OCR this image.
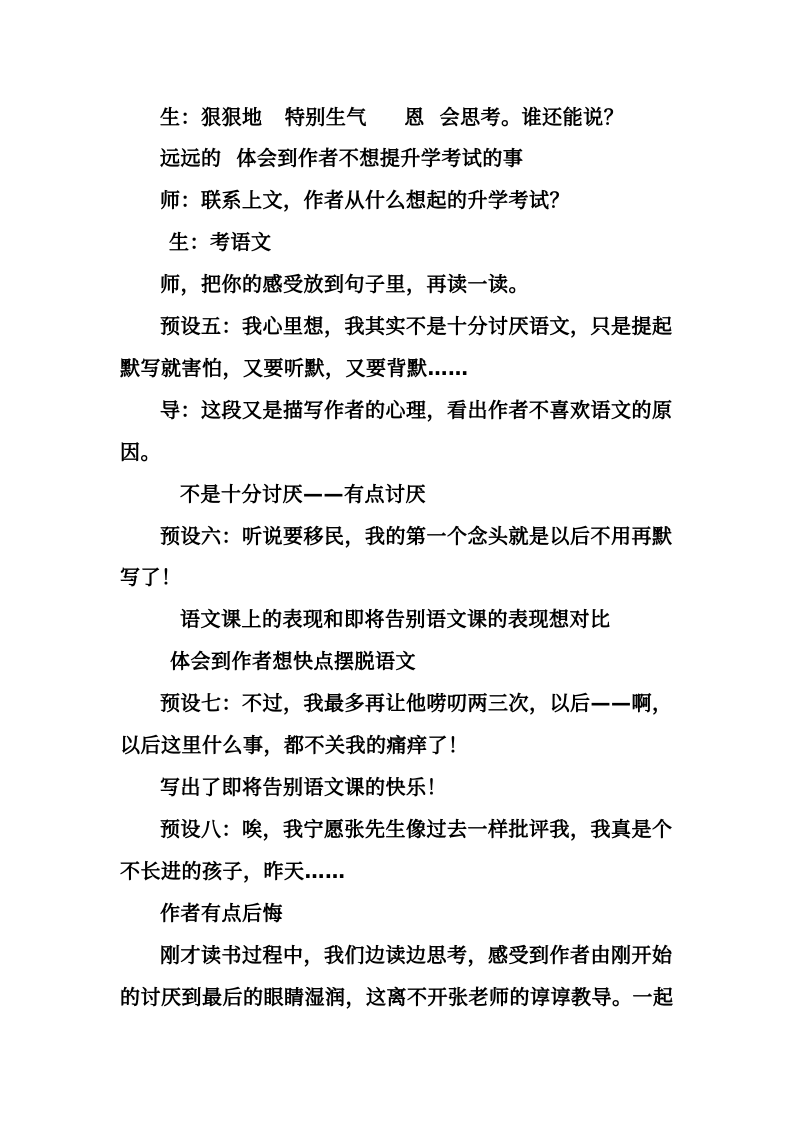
生：狠狠地   特别生气     恩  会思考。谁还能说？
远远的  体会到作者不想提升学考试的事
师：联系上文，作者从什么想起的升学考试？
生：考语文
师，把你的感受放到句子里，再读一读。
预设五：我心里想，我其实不是十分讨厌语文，只是提起
默写就害怕，又要听默，又要背默……
导：这段又是描写作者的心理，看出作者不喜欢语文的原
因。
不是十分讨厌——有点讨厌
预设六：听说要移民，我的第一个念头就是以后不用再默
写了！
语文课上的表现和即将告别语文课的表现想对比
体会到作者想快点摆脱语文
预设七：不过，我最多再让他唠叨两三次，以后——啊，
以后这里什么事，都不关我的痛痒了！
写出了即将告别语文课的快乐！
预设八：唉，我宁愿张先生像过去一样批评我，我真是个
不长进的孩子，昨天……
作者有点后悔
刚才读书过程中，我们边读边思考，感受到作者由刚开始
的讨厌到最后的眼睛湿润，这离不开张老师的谆谆教导。一起
